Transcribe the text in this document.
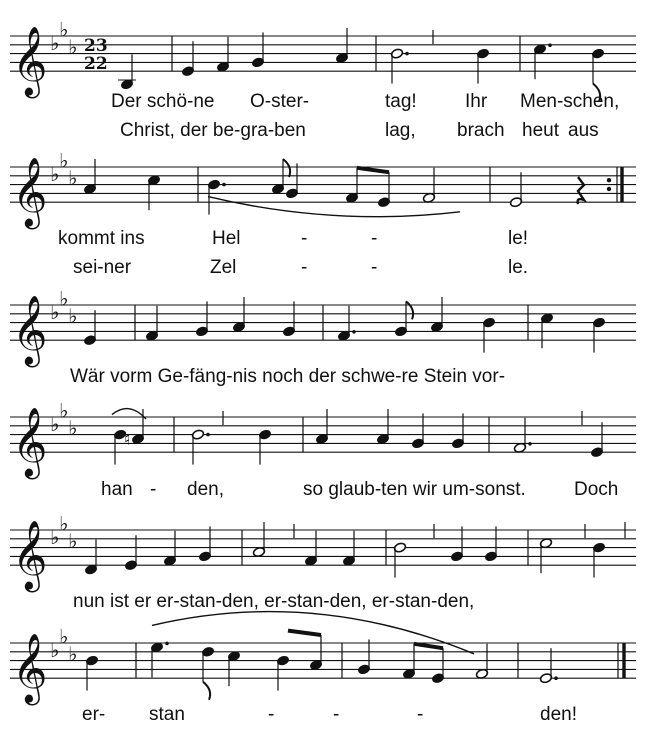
𝄞 ♭
♭
♭ 23
22
𝄞 ♭
♭
♭
𝄞 ♭
♭
♭
𝄞 ♭
♭
♭	♮
𝄞 ♭
♭
♭
𝄞 ♭
♭
♭
Der schö-ne O-ster-	tag!	Ihr Men-schen,
Christ, der be-gra-ben	lag, brach heut aus
kommt ins	Hel	-	-	le!
sei-ner	Zel	-	-	le.
Wär vorm Ge-fäng-nis noch der schwe-re Stein vor-
han - den,	so glaub-ten wir um-sonst.	Doch
nun ist er er-stan-den, er-stan-den, er-stan-den,
er- stan	-	-	-	den!
